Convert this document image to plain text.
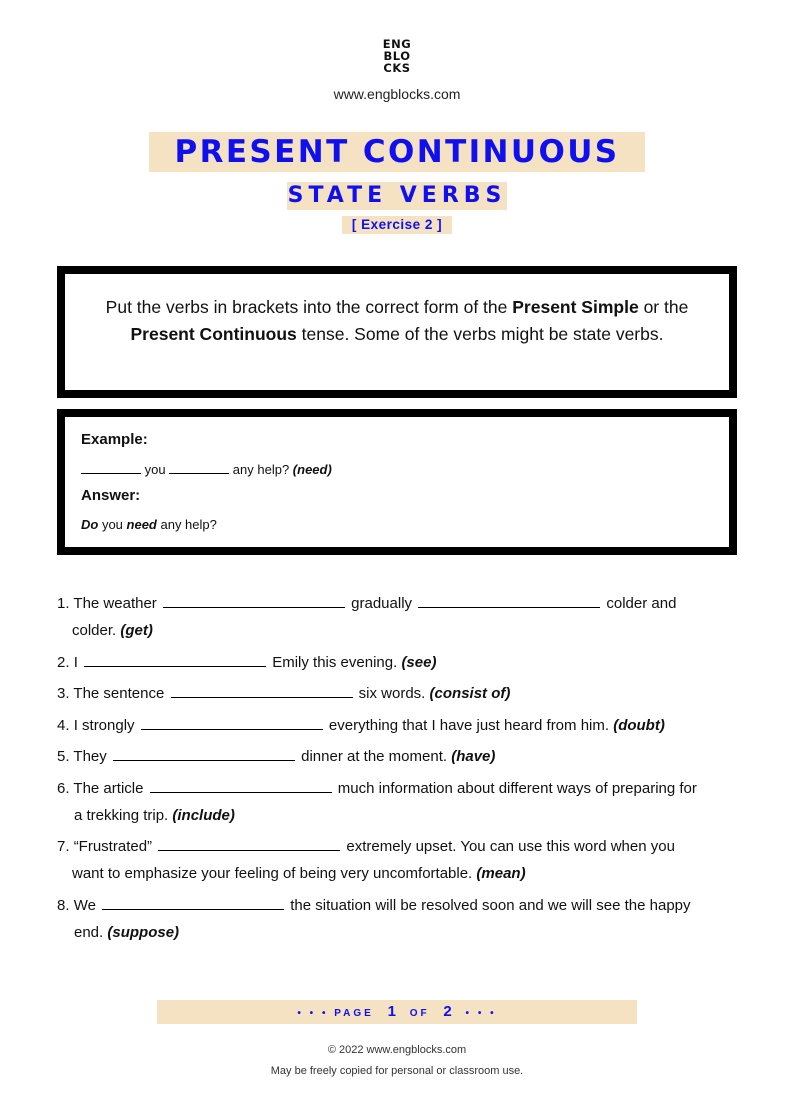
ENG
BLO
CKS
www.engblocks.com
PRESENT CONTINUOUS
STATE VERBS
[ Exercise 2 ]
Put the verbs in brackets into the correct form of the Present Simple or the Present Continuous tense. Some of the verbs might be state verbs.
Example:
you	any help? (need)
Answer:
Do you need any help?
1. The weather	gradually	colder and
colder. (get)
2. I	Emily this evening. (see)
3. The sentence	six words. (consist of)
4. I strongly	everything that I have just heard from him. (doubt)
5. They	dinner at the moment. (have)
6. The article	much information about different ways of preparing for
a trekking trip. (include)
7. “Frustrated”	extremely upset. You can use this word when you
want to emphasize your feeling of being very uncomfortable. (mean)
8. We	the situation will be resolved soon and we will see the happy
end. (suppose)
• • • PAGE 1 OF 2 • • •
© 2022 www.engblocks.com
May be freely copied for personal or classroom use.
